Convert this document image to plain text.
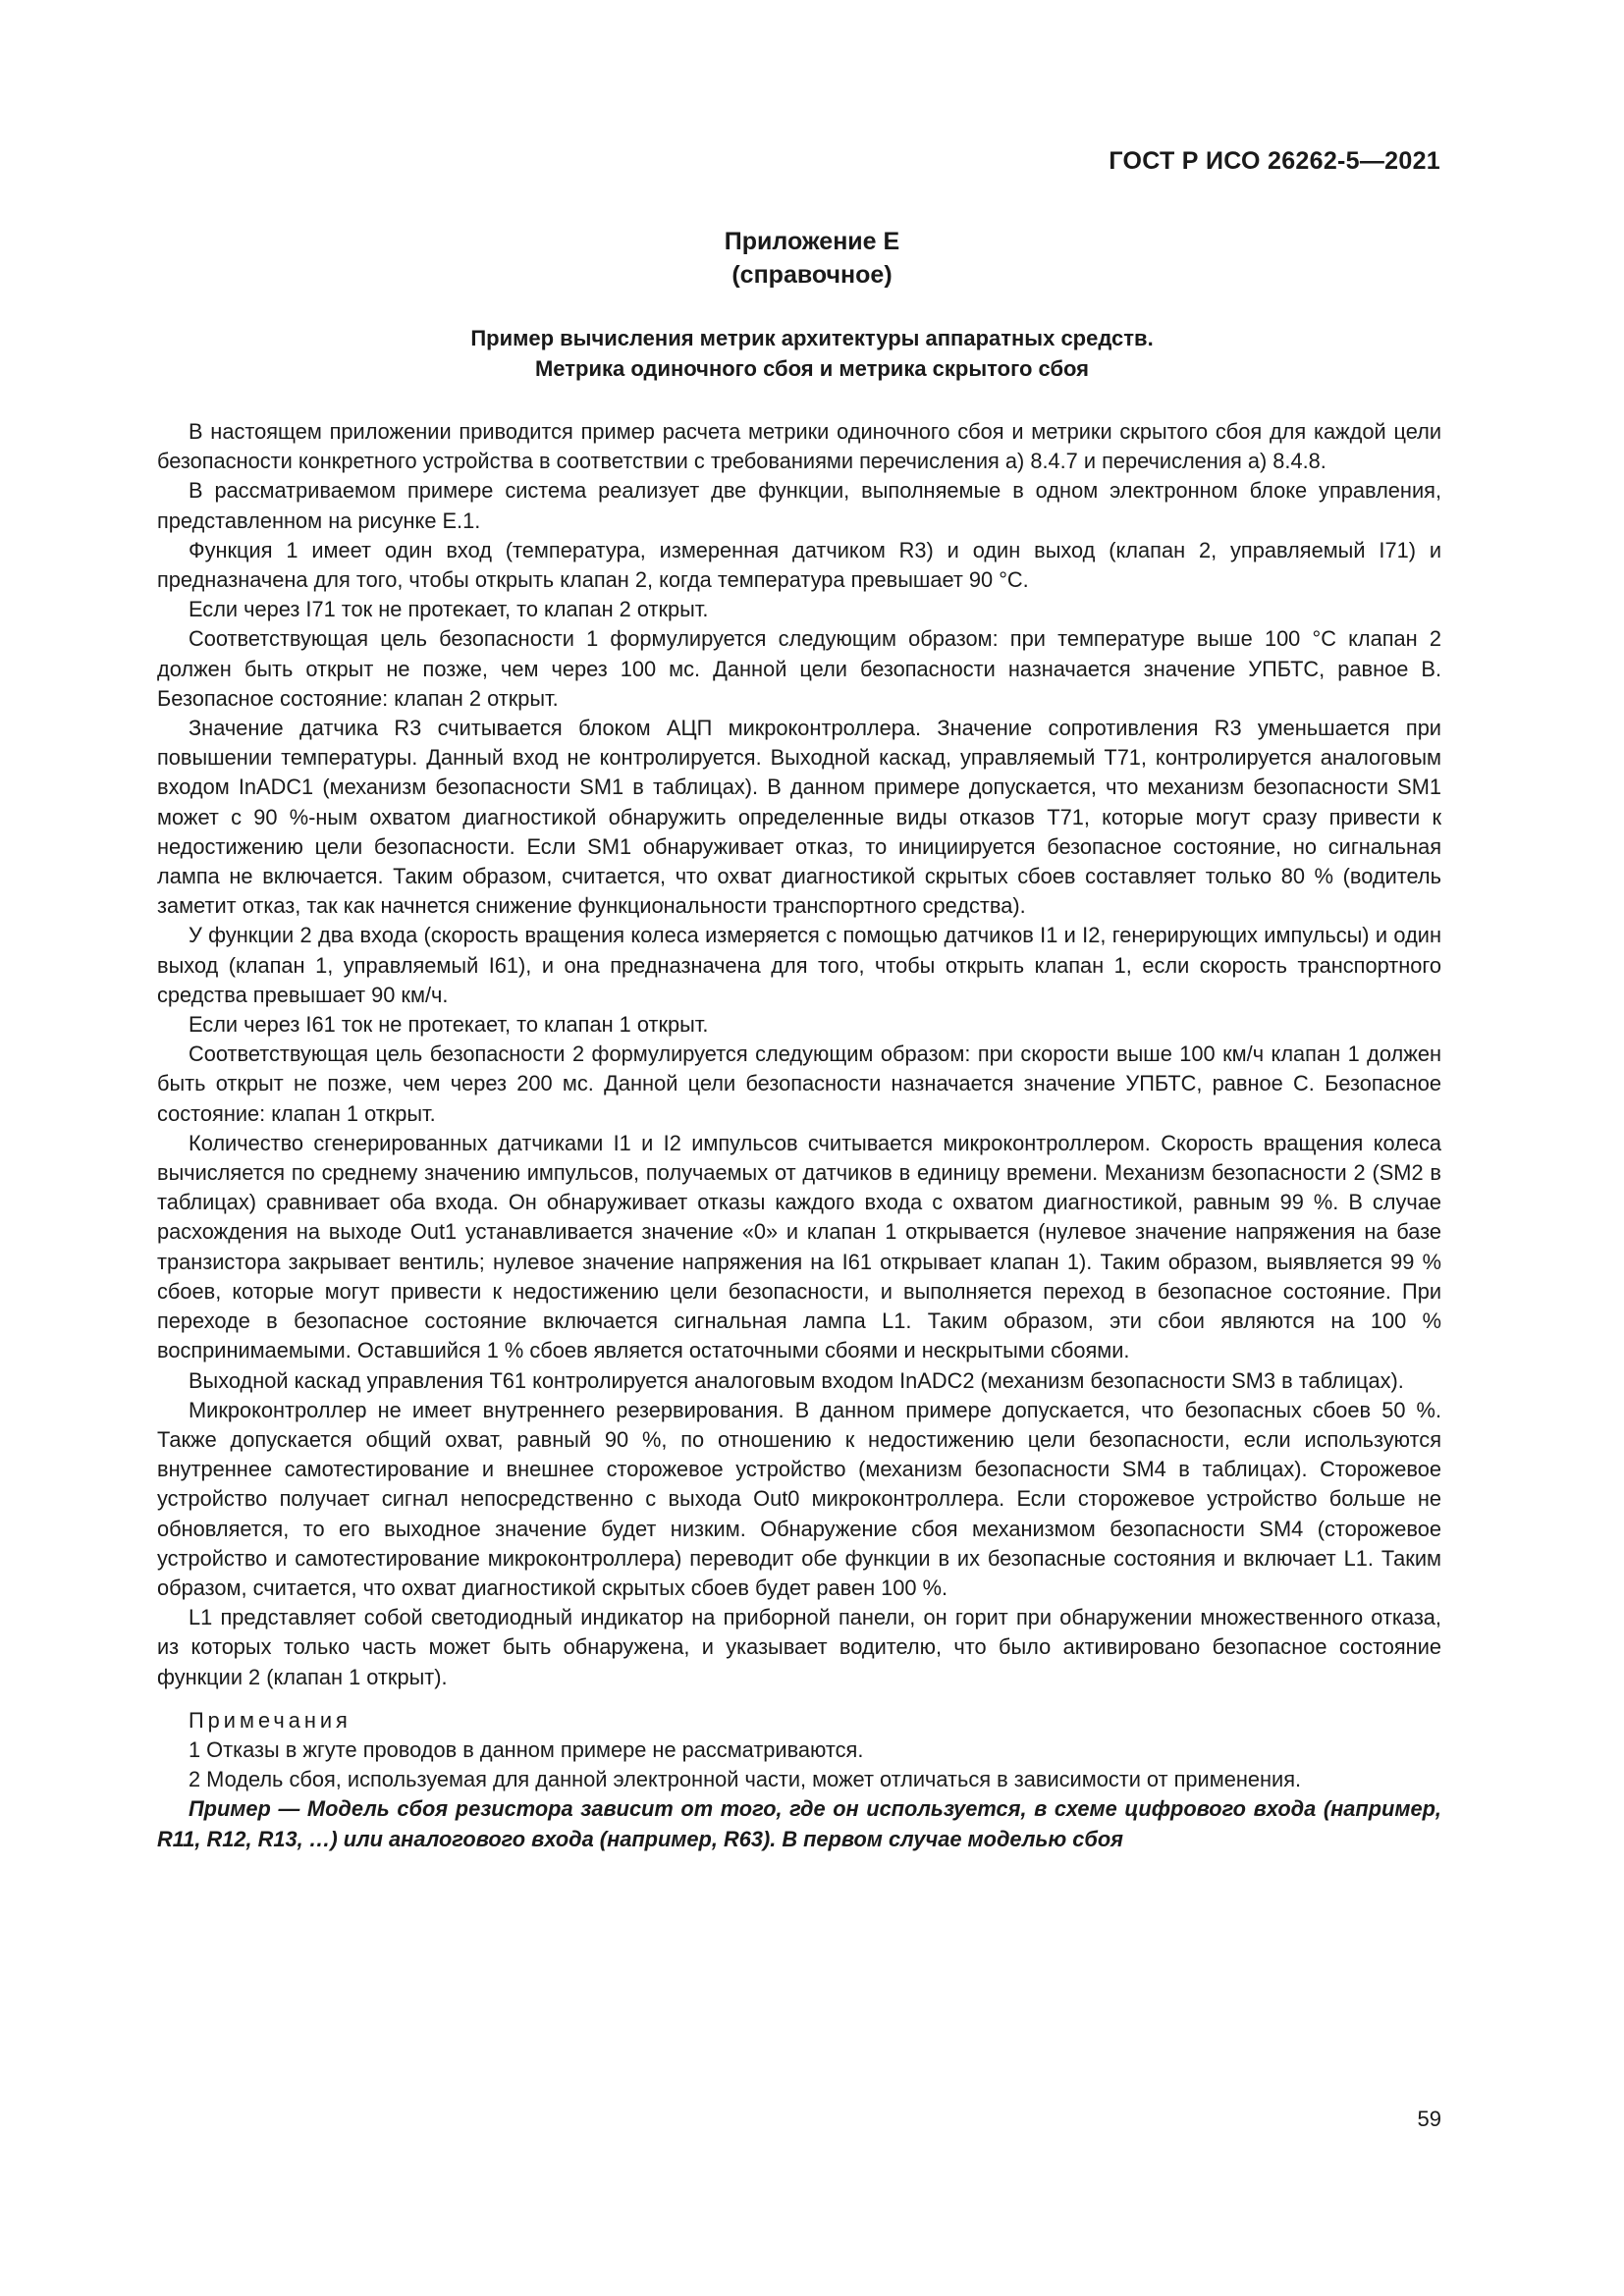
ГОСТ Р ИСО 26262-5—2021
Приложение Е
(справочное)
Пример вычисления метрик архитектуры аппаратных средств.
Метрика одиночного сбоя и метрика скрытого сбоя

В настоящем приложении приводится пример расчета метрики одиночного сбоя и метрики скрытого сбоя для каждой цели безопасности конкретного устройства в соответствии с требованиями перечисления а) 8.4.7 и перечисления а) 8.4.8.

В рассматриваемом примере система реализует две функции, выполняемые в одном электронном блоке управления, представленном на рисунке Е.1.

Функция 1 имеет один вход (температура, измеренная датчиком R3) и один выход (клапан 2, управляемый I71) и предназначена для того, чтобы открыть клапан 2, когда температура превышает 90 °С.

Если через I71 ток не протекает, то клапан 2 открыт.

Соответствующая цель безопасности 1 формулируется следующим образом: при температуре выше 100 °С клапан 2 должен быть открыт не позже, чем через 100 мс. Данной цели безопасности назначается значение УПБТС, равное В. Безопасное состояние: клапан 2 открыт.

Значение датчика R3 считывается блоком АЦП микроконтроллера. Значение сопротивления R3 уменьшается при повышении температуры. Данный вход не контролируется. Выходной каскад, управляемый Т71, контролируется аналоговым входом InADC1 (механизм безопасности SM1 в таблицах). В данном примере допускается, что механизм безопасности SM1 может с 90 %-ным охватом диагностикой обнаружить определенные виды отказов Т71, которые могут сразу привести к недостижению цели безопасности. Если SM1 обнаруживает отказ, то инициируется безопасное состояние, но сигнальная лампа не включается. Таким образом, считается, что охват диагностикой скрытых сбоев составляет только 80 % (водитель заметит отказ, так как начнется снижение функциональности транспортного средства).

У функции 2 два входа (скорость вращения колеса измеряется с помощью датчиков I1 и I2, генерирующих импульсы) и один выход (клапан 1, управляемый I61), и она предназначена для того, чтобы открыть клапан 1, если скорость транспортного средства превышает 90 км/ч.

Если через I61 ток не протекает, то клапан 1 открыт.

Соответствующая цель безопасности 2 формулируется следующим образом: при скорости выше 100 км/ч клапан 1 должен быть открыт не позже, чем через 200 мс. Данной цели безопасности назначается значение УПБТС, равное С. Безопасное состояние: клапан 1 открыт.

Количество сгенерированных датчиками I1 и I2 импульсов считывается микроконтроллером. Скорость вращения колеса вычисляется по среднему значению импульсов, получаемых от датчиков в единицу времени. Механизм безопасности 2 (SM2 в таблицах) сравнивает оба входа. Он обнаруживает отказы каждого входа с охватом диагностикой, равным 99 %. В случае расхождения на выходе Out1 устанавливается значение «0» и клапан 1 открывается (нулевое значение напряжения на базе транзистора закрывает вентиль; нулевое значение напряжения на I61 открывает клапан 1). Таким образом, выявляется 99 % сбоев, которые могут привести к недостижению цели безопасности, и выполняется переход в безопасное состояние. При переходе в безопасное состояние включается сигнальная лампа L1. Таким образом, эти сбои являются на 100 % воспринимаемыми. Оставшийся 1 % сбоев является остаточными сбоями и нескрытыми сбоями.

Выходной каскад управления Т61 контролируется аналоговым входом InADC2 (механизм безопасности SM3 в таблицах).

Микроконтроллер не имеет внутреннего резервирования. В данном примере допускается, что безопасных сбоев 50 %. Также допускается общий охват, равный 90 %, по отношению к недостижению цели безопасности, если используются внутреннее самотестирование и внешнее сторожевое устройство (механизм безопасности SM4 в таблицах). Сторожевое устройство получает сигнал непосредственно с выхода Out0 микроконтроллера. Если сторожевое устройство больше не обновляется, то его выходное значение будет низким. Обнаружение сбоя механизмом безопасности SM4 (сторожевое устройство и самотестирование микроконтроллера) переводит обе функции в их безопасные состояния и включает L1. Таким образом, считается, что охват диагностикой скрытых сбоев будет равен 100 %.

L1 представляет собой светодиодный индикатор на приборной панели, он горит при обнаружении множественного отказа, из которых только часть может быть обнаружена, и указывает водителю, что было активировано безопасное состояние функции 2 (клапан 1 открыт).

Примечания

1 Отказы в жгуте проводов в данном примере не рассматриваются.

2 Модель сбоя, используемая для данной электронной части, может отличаться в зависимости от применения.

Пример — Модель сбоя резистора зависит от того, где он используется, в схеме цифрового входа (например, R11, R12, R13, …) или аналогового входа (например, R63). В первом случае моделью сбоя

59
